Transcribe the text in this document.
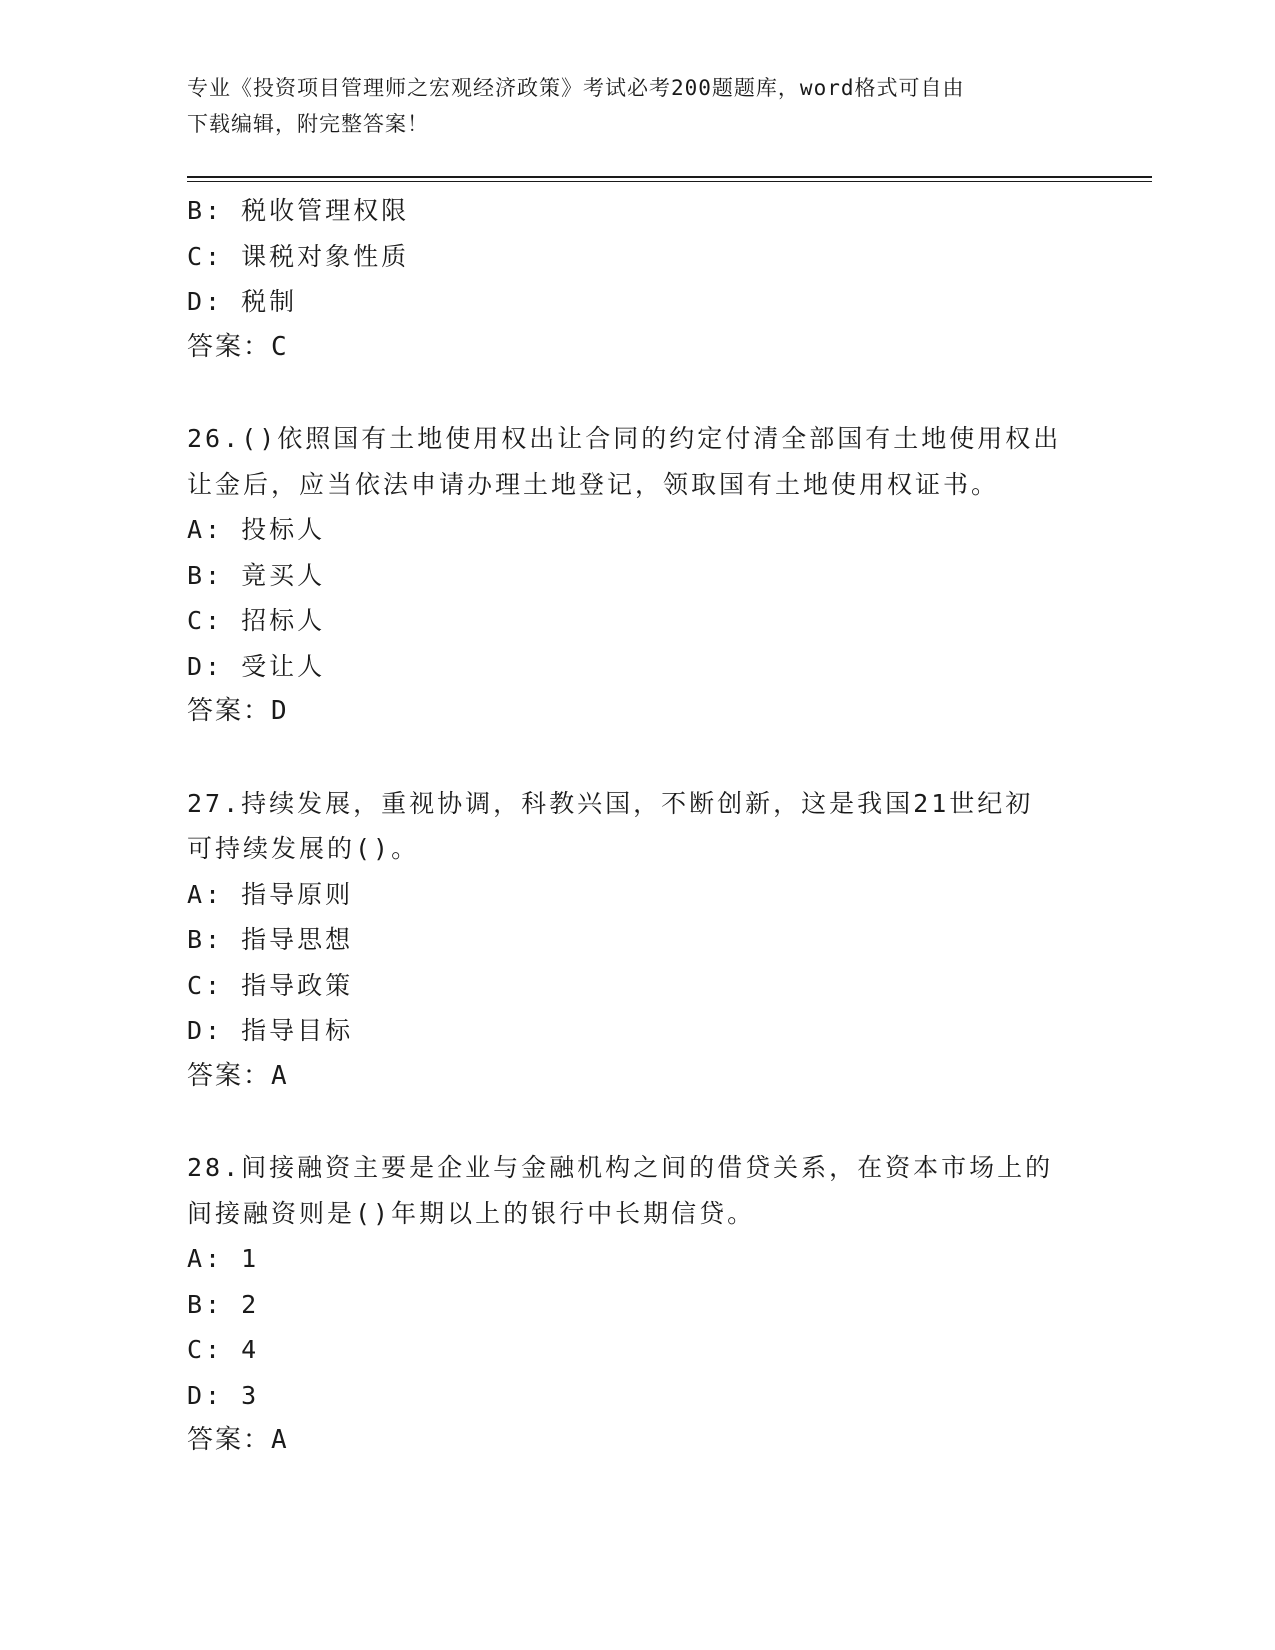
专业《投资项目管理师之宏观经济政策》考试必考200题题库，word格式可自由
下载编辑，附完整答案！
B: 税收管理权限
C: 课税对象性质
D: 税制
答案：C
26.()依照国有土地使用权出让合同的约定付清全部国有土地使用权出
让金后，应当依法申请办理土地登记，领取国有土地使用权证书。
A: 投标人
B: 竟买人
C: 招标人
D: 受让人
答案：D
27.持续发展，重视协调，科教兴国，不断创新，这是我国21世纪初
可持续发展的()。
A: 指导原则
B: 指导思想
C: 指导政策
D: 指导目标
答案：A
28.间接融资主要是企业与金融机构之间的借贷关系，在资本市场上的
间接融资则是()年期以上的银行中长期信贷。
A: 1
B: 2
C: 4
D: 3
答案：A
